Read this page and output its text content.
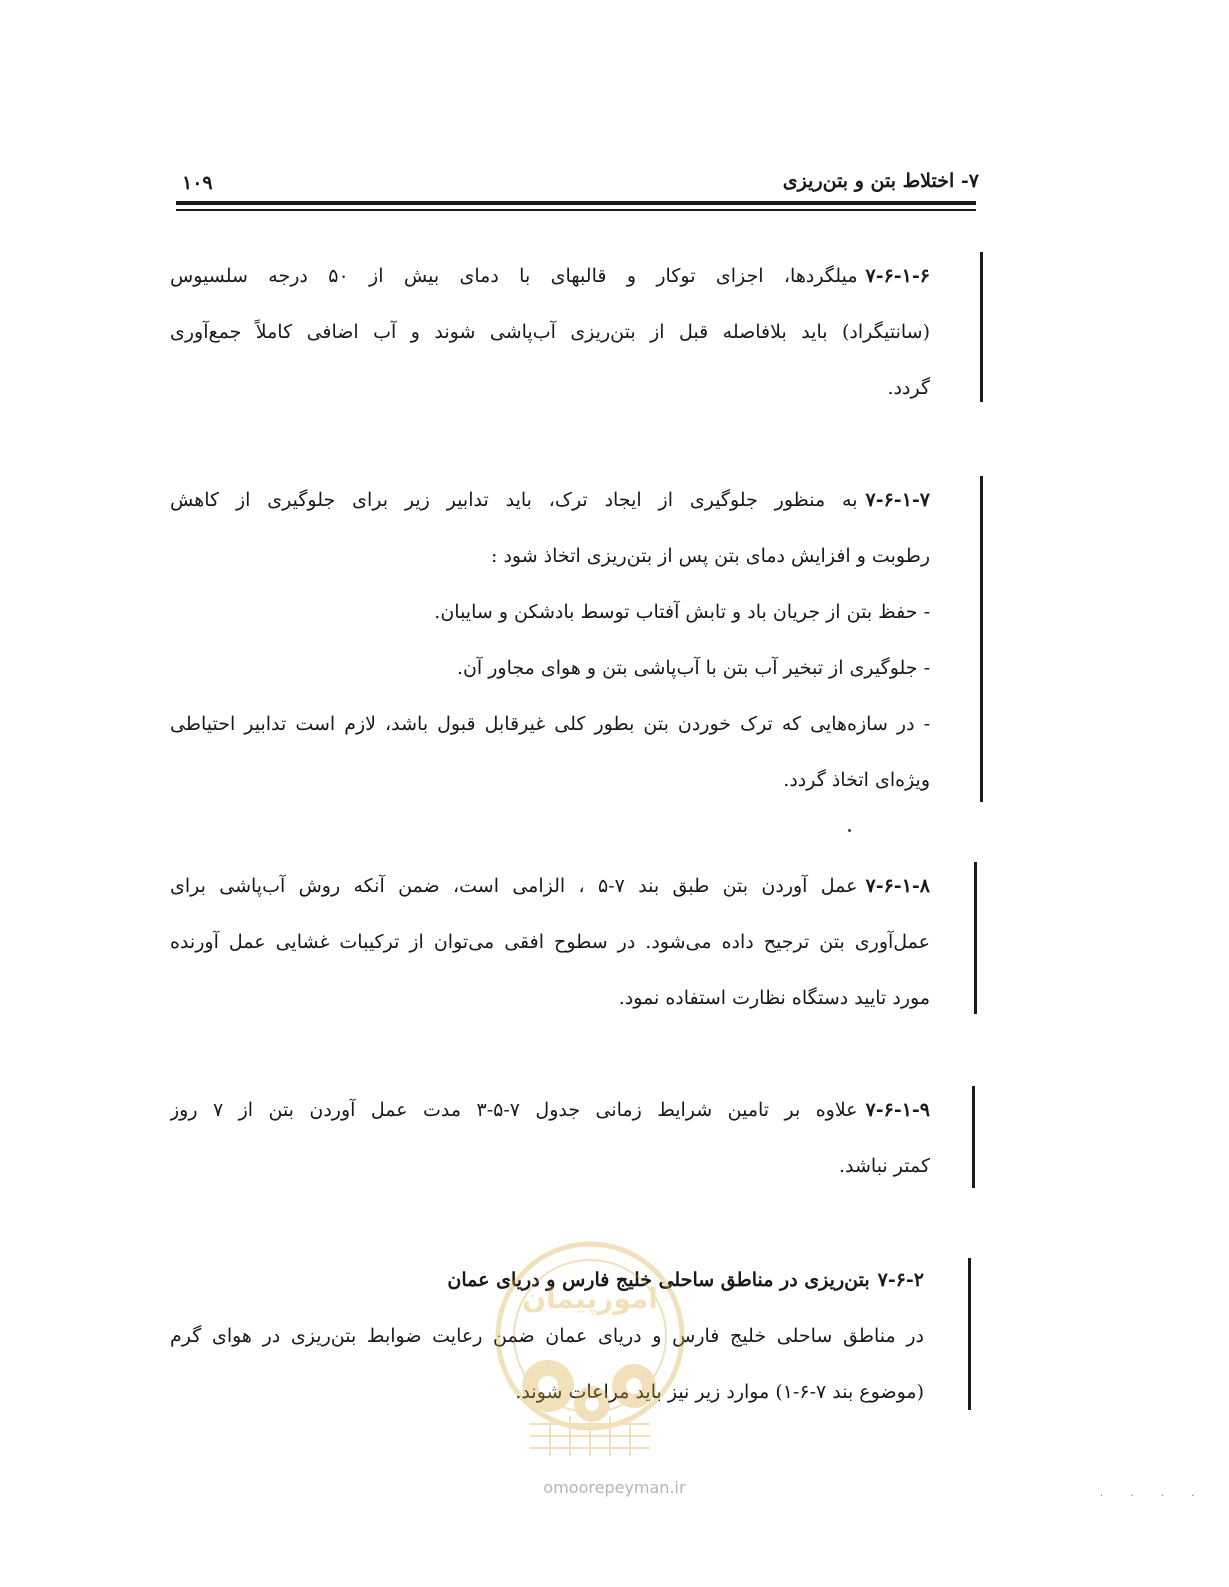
۷- اختلاط بتن و بتن‌ریزی
۱۰۹
۷-۶-۱-۶میلگردها، اجزای توکار و قالبهای با دمای بیش از ۵۰ درجه سلسیوس
(سانتیگراد) باید بلافاصله قبل از بتن‌ریزی آب‌پاشی شوند و آب اضافی کاملاً جمع‌آوری
گردد.
۷-۶-۱-۷به منظور جلوگیری از ایجاد ترک، باید تدابیر زیر برای جلوگیری از کاهش
رطوبت و افزایش دمای بتن پس از بتن‌ریزی اتخاذ شود :
- حفظ بتن از جریان باد و تابش آفتاب توسط بادشکن و سایبان.
- جلوگیری از تبخیر آب بتن با آب‌پاشی بتن و هوای مجاور آن.
- در سازه‌هایی که ترک خوردن بتن بطور کلی غیرقابل قبول باشد، لازم است تدابیر احتیاطی
ویژه‌ای اتخاذ گردد.
۷-۶-۱-۸عمل آوردن بتن طبق بند ۷-۵ ، الزامی است، ضمن آنکه روش آب‌پاشی برای
عمل‌آوری بتن ترجیح داده می‌شود. در سطوح افقی می‌توان از ترکیبات غشایی عمل آورنده
مورد تایید دستگاه نظارت استفاده نمود.
۷-۶-۱-۹علاوه بر تامین شرایط زمانی جدول ۷-۵-۳ مدت عمل آوردن بتن از ۷ روز
کمتر نباشد.
۷-۶-۲بتن‌ریزی در مناطق ساحلی خلیج فارس و دریای عمان
در مناطق ساحلی خلیج فارس و دریای عمان ضمن رعایت ضوابط بتن‌ریزی در هوای گرم
(موضوع بند ۷-۶-۱) موارد زیر نیز باید مراعات شوند.
امورپیمان
omoorepeyman.ir	· · · ·
